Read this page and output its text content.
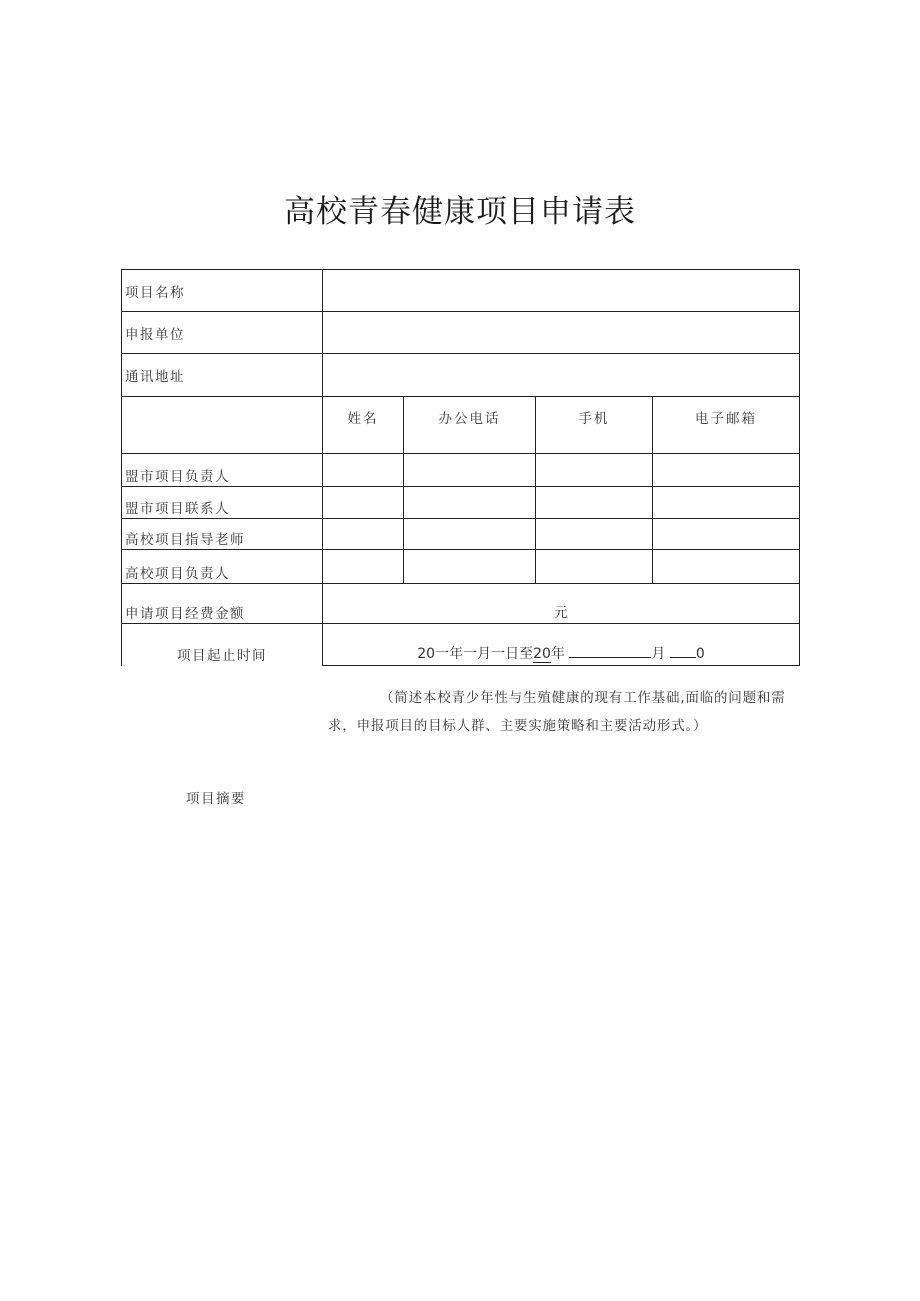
高校青春健康项目申请表
项目名称				
申报单位				
通讯地址				
	姓名	办公电话	手机	电子邮箱
盟市项目负责人				
盟市项目联系人				
高校项目指导老师				
高校项目负责人				
申请项目经费金额	元			
项目起止时间	20一年一月一日至20年 月 0			
（简述本校青少年性与生殖健康的现有工作基础,面临的问题和需求，申报项目的目标人群、主要实施策略和主要活动形式。）
项目摘要
